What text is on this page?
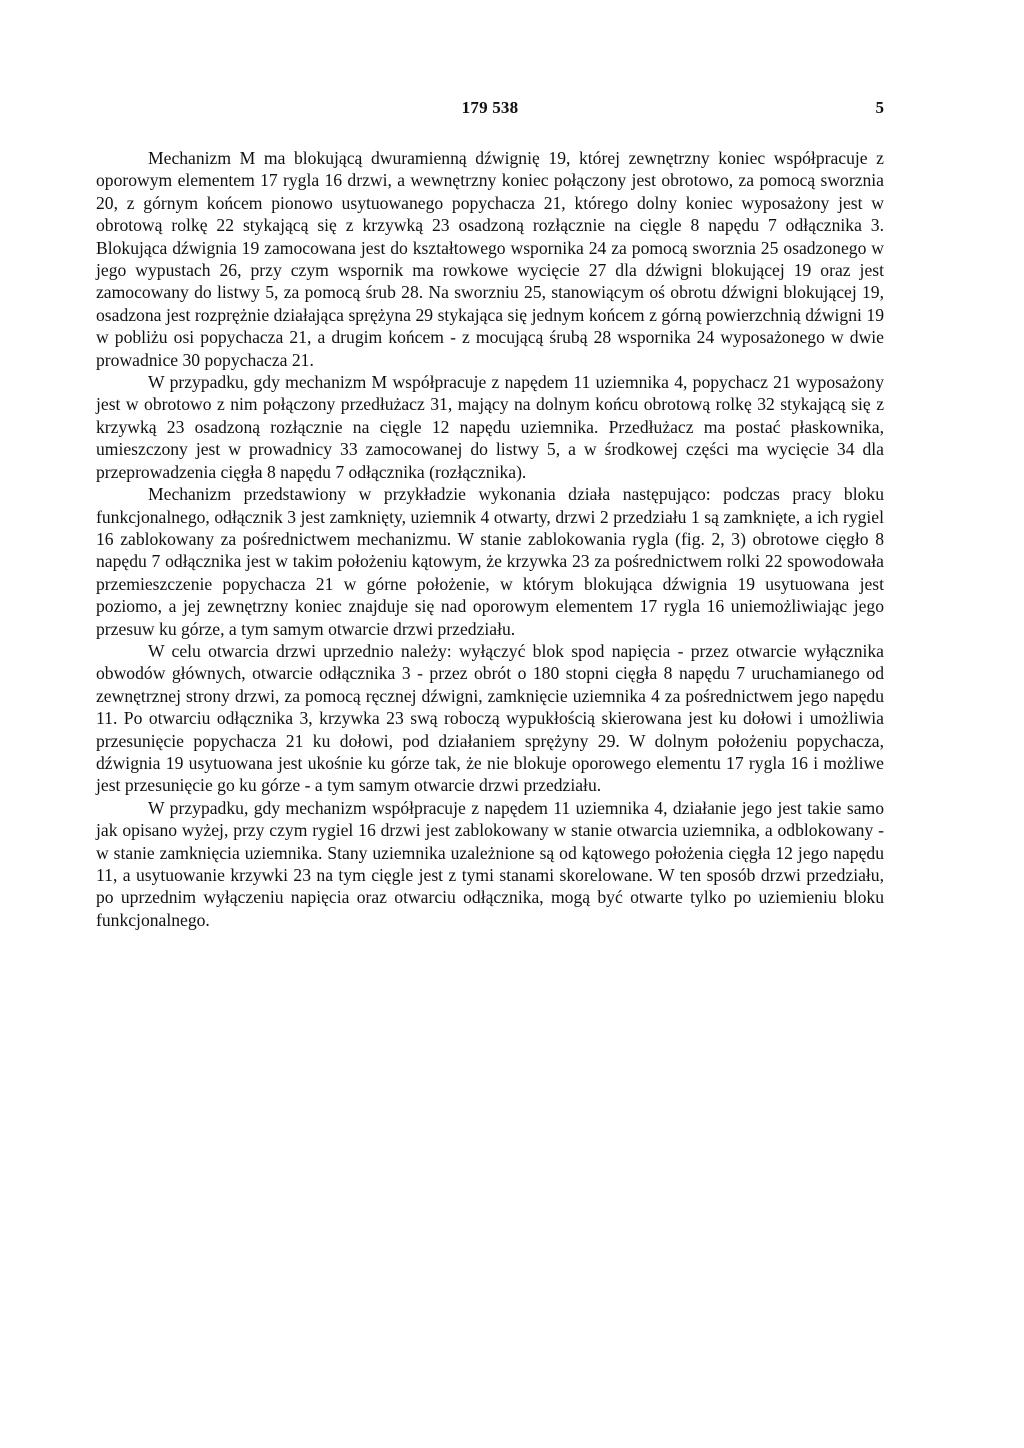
179 538	5

Mechanizm M ma blokującą dwuramienną dźwignię 19, której zewnętrzny koniec współpracuje z oporowym elementem 17 rygla 16 drzwi, a wewnętrzny koniec połączony jest obrotowo, za pomocą sworznia 20, z górnym końcem pionowo usytuowanego popychacza 21, którego dolny koniec wyposażony jest w obrotową rolkę 22 stykającą się z krzywką 23 osadzoną rozłącznie na cięgle 8 napędu 7 odłącznika 3. Blokująca dźwignia 19 zamocowana jest do kształtowego wspornika 24 za pomocą sworznia 25 osadzonego w jego wypustach 26, przy czym wspornik ma rowkowe wycięcie 27 dla dźwigni blokującej 19 oraz jest zamocowany do listwy 5, za pomocą śrub 28. Na sworzniu 25, stanowiącym oś obrotu dźwigni blokującej 19, osadzona jest rozprężnie działająca sprężyna 29 stykająca się jednym końcem z górną powierzchnią dźwigni 19 w pobliżu osi popychacza 21, a drugim końcem - z mocującą śrubą 28 wspornika 24 wyposażonego w dwie prowadnice 30 popychacza 21.

W przypadku, gdy mechanizm M współpracuje z napędem 11 uziemnika 4, popychacz 21 wyposażony jest w obrotowo z nim połączony przedłużacz 31, mający na dolnym końcu obrotową rolkę 32 stykającą się z krzywką 23 osadzoną rozłącznie na cięgle 12 napędu uziemnika. Przedłużacz ma postać płaskownika, umieszczony jest w prowadnicy 33 zamocowanej do listwy 5, a w środkowej części ma wycięcie 34 dla przeprowadzenia cięgła 8 napędu 7 odłącznika (rozłącznika).

Mechanizm przedstawiony w przykładzie wykonania działa następująco: podczas pracy bloku funkcjonalnego, odłącznik 3 jest zamknięty, uziemnik 4 otwarty, drzwi 2 przedziału 1 są zamknięte, a ich rygiel 16 zablokowany za pośrednictwem mechanizmu. W stanie zablokowania rygla (fig. 2, 3) obrotowe cięgło 8 napędu 7 odłącznika jest w takim położeniu kątowym, że krzywka 23 za pośrednictwem rolki 22 spowodowała przemieszczenie popychacza 21 w górne położenie, w którym blokująca dźwignia 19 usytuowana jest poziomo, a jej zewnętrzny koniec znajduje się nad oporowym elementem 17 rygla 16 uniemożliwiając jego przesuw ku górze, a tym samym otwarcie drzwi przedziału.

W celu otwarcia drzwi uprzednio należy: wyłączyć blok spod napięcia - przez otwarcie wyłącznika obwodów głównych, otwarcie odłącznika 3 - przez obrót o 180 stopni cięgła 8 napędu 7 uruchamianego od zewnętrznej strony drzwi, za pomocą ręcznej dźwigni, zamknięcie uziemnika 4 za pośrednictwem jego napędu 11. Po otwarciu odłącznika 3, krzywka 23 swą roboczą wypukłością skierowana jest ku dołowi i umożliwia przesunięcie popychacza 21 ku dołowi, pod działaniem sprężyny 29. W dolnym położeniu popychacza, dźwignia 19 usytuowana jest ukośnie ku górze tak, że nie blokuje oporowego elementu 17 rygla 16 i możliwe jest przesunięcie go ku górze - a tym samym otwarcie drzwi przedziału.

W przypadku, gdy mechanizm współpracuje z napędem 11 uziemnika 4, działanie jego jest takie samo jak opisano wyżej, przy czym rygiel 16 drzwi jest zablokowany w stanie otwarcia uziemnika, a odblokowany - w stanie zamknięcia uziemnika. Stany uziemnika uzależnione są od kątowego położenia cięgła 12 jego napędu 11, a usytuowanie krzywki 23 na tym cięgle jest z tymi stanami skorelowane. W ten sposób drzwi przedziału, po uprzednim wyłączeniu napięcia oraz otwarciu odłącznika, mogą być otwarte tylko po uziemieniu bloku funkcjonalnego.
